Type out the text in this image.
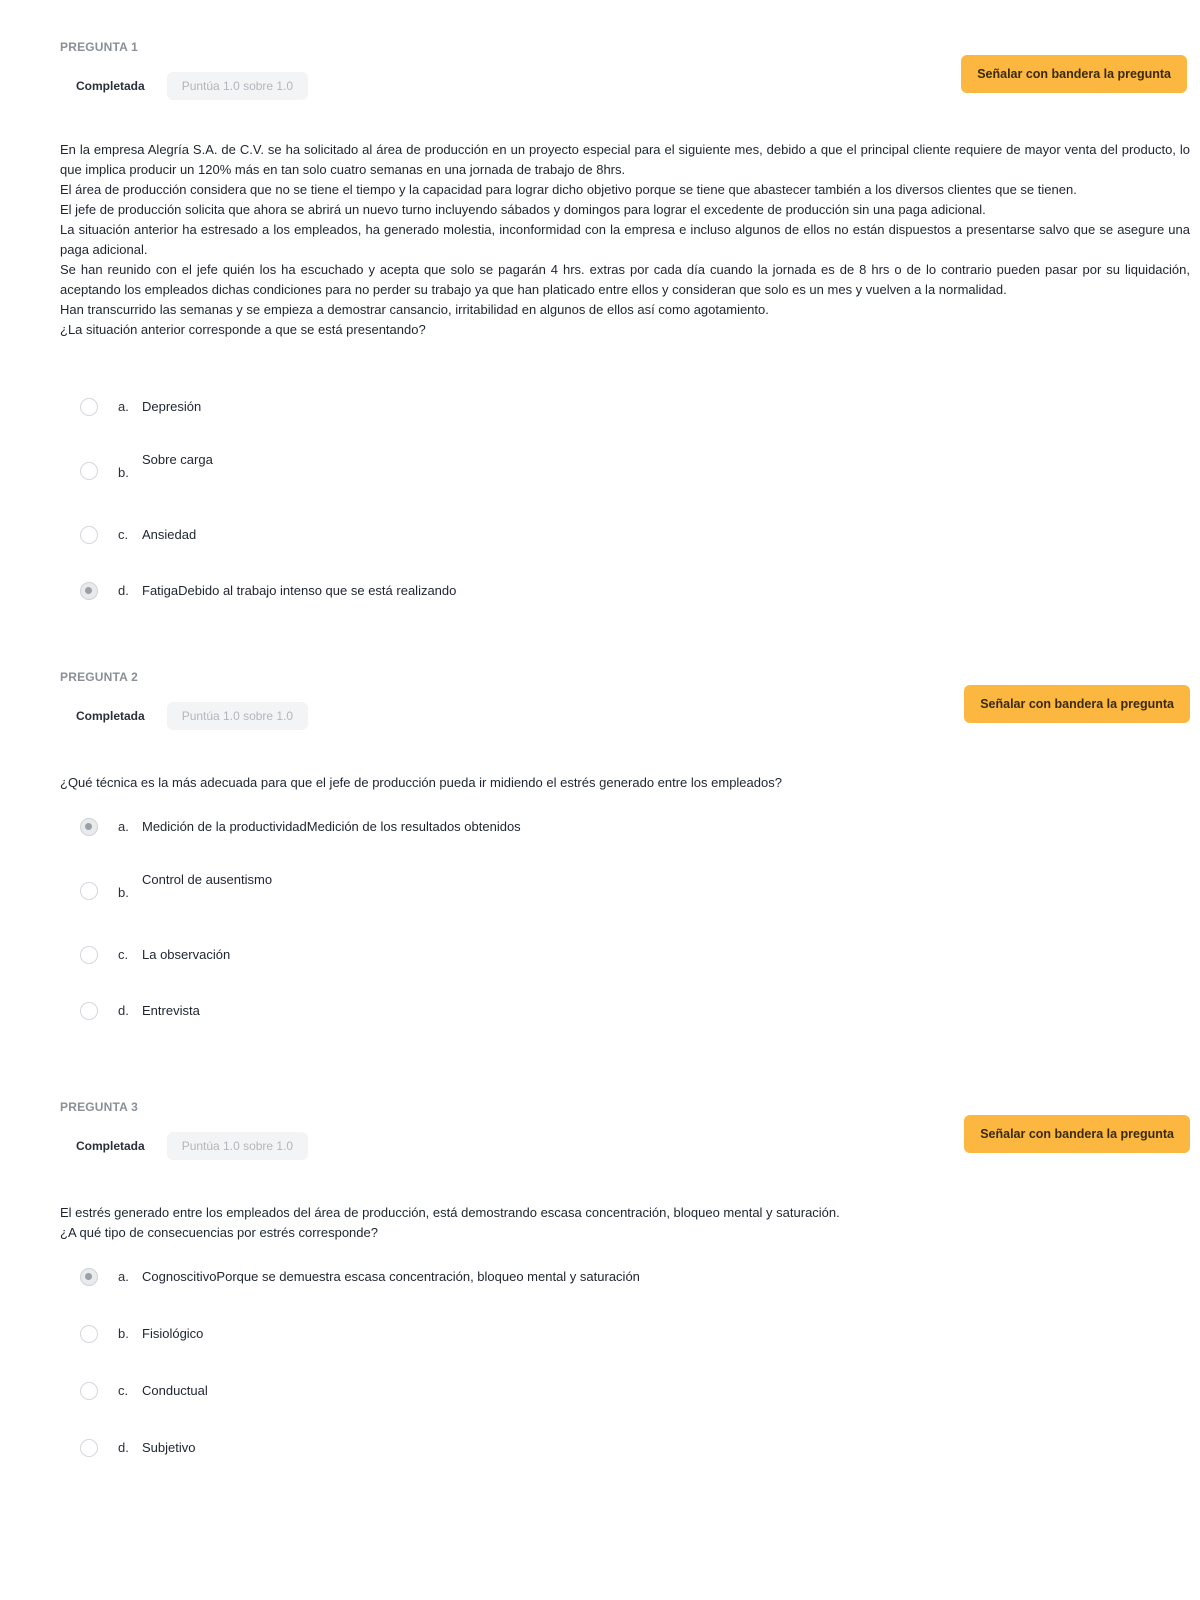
PREGUNTA 1
Completada	Puntúa 1.0 sobre 1.0
Señalar con bandera la pregunta

En la empresa Alegría S.A. de C.V. se ha solicitado al área de producción en un proyecto especial para el siguiente mes, debido a que el principal cliente requiere de mayor venta del producto, lo que implica producir un 120% más en tan solo cuatro semanas en una jornada de trabajo de 8hrs.

El área de producción considera que no se tiene el tiempo y la capacidad para lograr dicho objetivo porque se tiene que abastecer también a los diversos clientes que se tienen.

El jefe de producción solicita que ahora se abrirá un nuevo turno incluyendo sábados y domingos para lograr el excedente de producción sin una paga adicional.

La situación anterior ha estresado a los empleados, ha generado molestia, inconformidad con la empresa e incluso algunos de ellos no están dispuestos a presentarse salvo que se asegure una paga adicional.

Se han reunido con el jefe quién los ha escuchado y acepta que solo se pagarán 4 hrs. extras por cada día cuando la jornada es de 8 hrs o de lo contrario pueden pasar por su liquidación, aceptando los empleados dichas condiciones para no perder su trabajo ya que han platicado entre ellos y consideran que solo es un mes y vuelven a la normalidad.

Han transcurrido las semanas y se empieza a demostrar cansancio, irritabilidad en algunos de ellos así como agotamiento.

¿La situación anterior corresponde a que se está presentando?

a.	Depresión
b.
Sobre carga
c.	Ansiedad
d.	FatigaDebido al trabajo intenso que se está realizando
PREGUNTA 2
Completada	Puntúa 1.0 sobre 1.0
Señalar con bandera la pregunta

¿Qué técnica es la más adecuada para que el jefe de producción pueda ir midiendo el estrés generado entre los empleados?

a.	Medición de la productividadMedición de los resultados obtenidos
b.
Control de ausentismo
c.	La observación
d.	Entrevista
PREGUNTA 3
Completada	Puntúa 1.0 sobre 1.0
Señalar con bandera la pregunta

El estrés generado entre los empleados del área de producción, está demostrando escasa concentración, bloqueo mental y saturación.

¿A qué tipo de consecuencias por estrés corresponde?

a.	CognoscitivoPorque se demuestra escasa concentración, bloqueo mental y saturación
b.	Fisiológico
c.	Conductual
d.	Subjetivo
